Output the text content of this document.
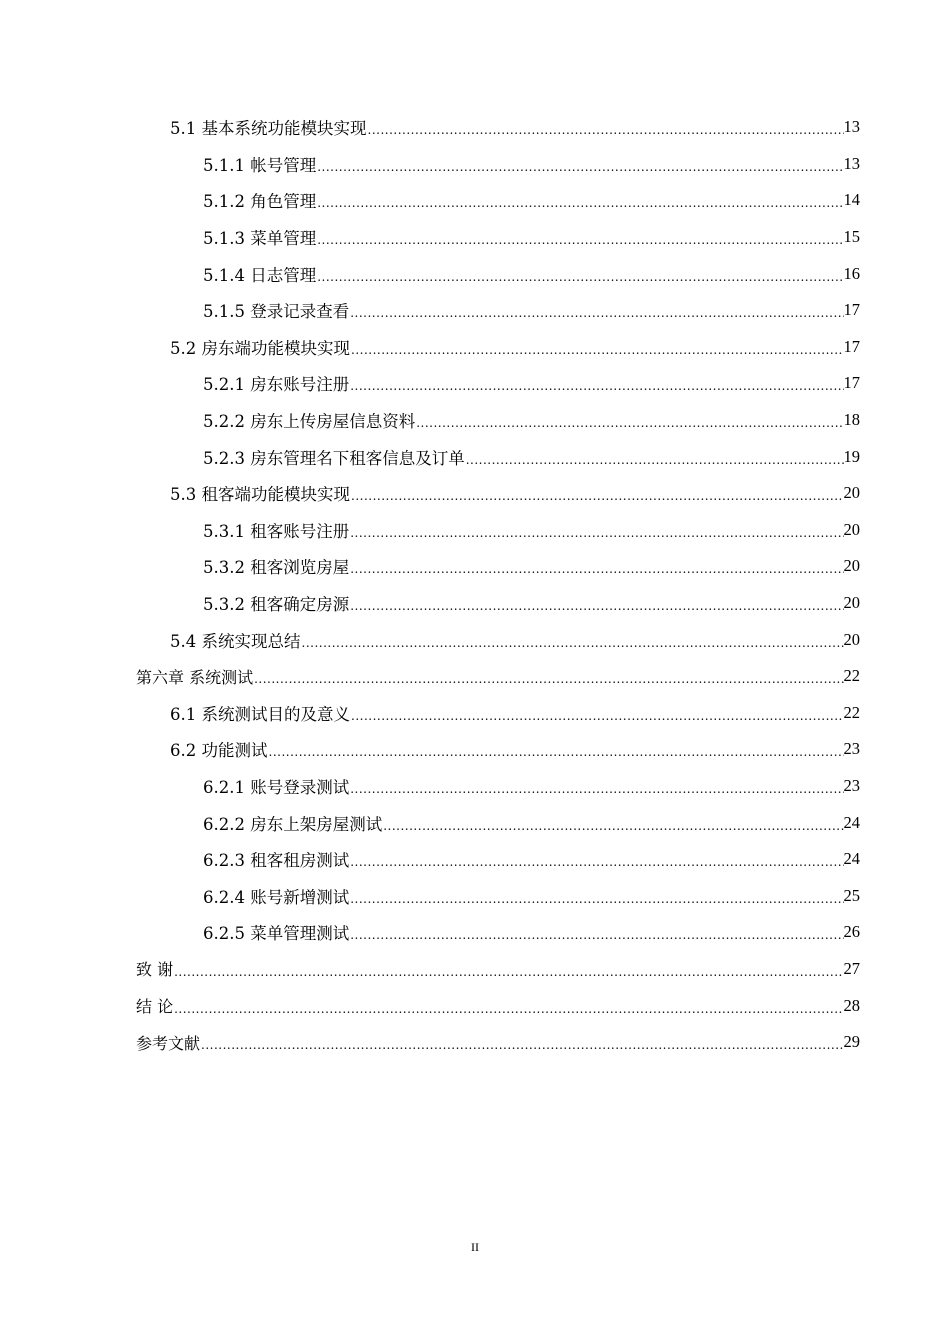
5.1 基本系统功能模块实现 .....	13
5.1.1 帐号管理 .....	13
5.1.2 角色管理 .....	14
5.1.3 菜单管理 .....	15
5.1.4 日志管理 .....	16
5.1.5 登录记录查看 .....	17
5.2 房东端功能模块实现 .....	17
5.2.1 房东账号注册 .....	17
5.2.2 房东上传房屋信息资料 .....	18
5.2.3 房东管理名下租客信息及订单 .....	19
5.3 租客端功能模块实现 .....	20
5.3.1 租客账号注册 .....	20
5.3.2 租客浏览房屋 .....	20
5.3.2 租客确定房源 .....	20
5.4 系统实现总结 .....	20
第六章 系统测试 .....	22
6.1 系统测试目的及意义 .....	22
6.2 功能测试 .....	23
6.2.1 账号登录测试 .....	23
6.2.2 房东上架房屋测试 .....	24
6.2.3 租客租房测试 .....	24
6.2.4 账号新增测试 .....	25
6.2.5 菜单管理测试 .....	26
致 谢 .....	27
结 论 .....	28
参考文献 .....	29
II
